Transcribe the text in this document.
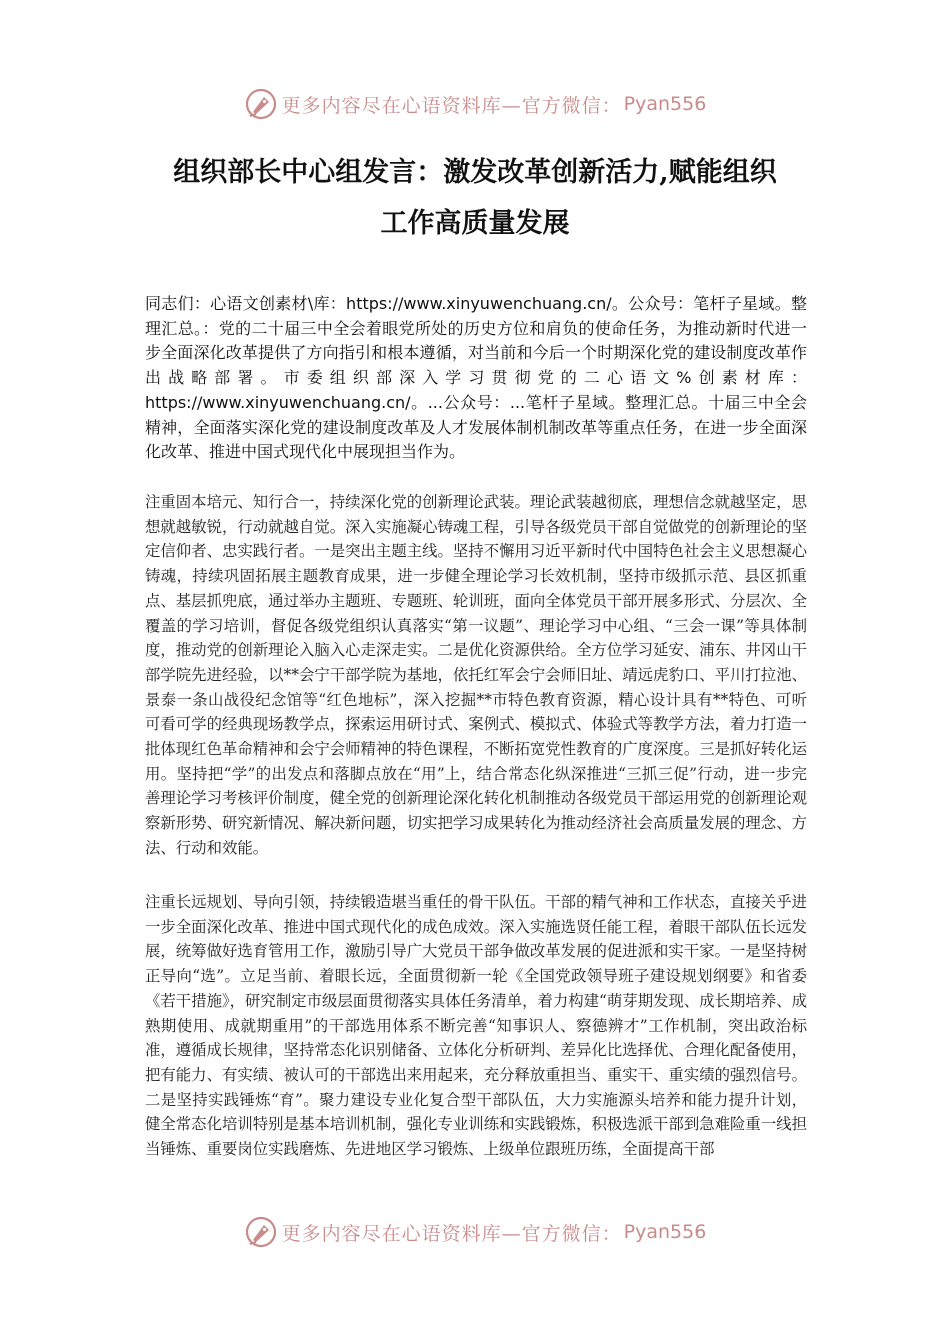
更多内容尽在心语资料库—官方微信： Pyan556
组织部长中心组发言：激发改革创新活力,赋能组织
工作高质量发展

同志们：心语文创素材\库：https://www.xinyuwenchuang.cn/。公众号：笔杆子星域。整理汇总。：党的二十届三中全会着眼党所处的历史方位和肩负的使命任务，为推动新时代进一步全面深化改革提供了方向指引和根本遵循，对当前和今后一个时期深化党的建设制度改革作出战略部署。市委组织部深入学习贯彻党的二心语文%创素材库：https://www.xinyuwenchuang.cn/。...公众号：...笔杆子星域。整理汇总。十届三中全会精神，全面落实深化党的建设制度改革及人才发展体制机制改革等重点任务，在进一步全面深化改革、推进中国式现代化中展现担当作为。

注重固本培元、知行合一，持续深化党的创新理论武装。理论武装越彻底，理想信念就越坚定，思想就越敏锐，行动就越自觉。深入实施凝心铸魂工程，引导各级党员干部自觉做党的创新理论的坚定信仰者、忠实践行者。一是突出主题主线。坚持不懈用习近平新时代中国特色社会主义思想凝心铸魂，持续巩固拓展主题教育成果，进一步健全理论学习长效机制，坚持市级抓示范、县区抓重点、基层抓兜底，通过举办主题班、专题班、轮训班，面向全体党员干部开展多形式、分层次、全覆盖的学习培训，督促各级党组织认真落实“第一议题”、理论学习中心组、“三会一课”等具体制度，推动党的创新理论入脑入心走深走实。二是优化资源供给。全方位学习延安、浦东、井冈山干部学院先进经验，以**会宁干部学院为基地，依托红军会宁会师旧址、靖远虎豹口、平川打拉池、景泰一条山战役纪念馆等“红色地标”，深入挖掘**市特色教育资源，精心设计具有**特色、可听可看可学的经典现场教学点，探索运用研讨式、案例式、模拟式、体验式等教学方法，着力打造一批体现红色革命精神和会宁会师精神的特色课程，不断拓宽党性教育的广度深度。三是抓好转化运用。坚持把“学”的出发点和落脚点放在“用”上，结合常态化纵深推进“三抓三促”行动，进一步完善理论学习考核评价制度，健全党的创新理论深化转化机制推动各级党员干部运用党的创新理论观察新形势、研究新情况、解决新问题，切实把学习成果转化为推动经济社会高质量发展的理念、方法、行动和效能。

注重长远规划、导向引领，持续锻造堪当重任的骨干队伍。干部的精气神和工作状态，直接关乎进一步全面深化改革、推进中国式现代化的成色成效。深入实施选贤任能工程，着眼干部队伍长远发展，统筹做好选育管用工作，激励引导广大党员干部争做改革发展的促进派和实干家。一是坚持树正导向“选”。立足当前、着眼长远，全面贯彻新一轮《全国党政领导班子建设规划纲要》和省委《若干措施》，研究制定市级层面贯彻落实具体任务清单，着力构建“萌芽期发现、成长期培养、成熟期使用、成就期重用”的干部选用体系不断完善“知事识人、察德辨才”工作机制，突出政治标准，遵循成长规律，坚持常态化识别储备、立体化分析研判、差异化比选择优、合理化配备使用，把有能力、有实绩、被认可的干部选出来用起来，充分释放重担当、重实干、重实绩的强烈信号。二是坚持实践锤炼“育”。聚力建设专业化复合型干部队伍，大力实施源头培养和能力提升计划，健全常态化培训特别是基本培训机制，强化专业训练和实践锻炼，积极选派干部到急难险重一线担当锤炼、重要岗位实践磨炼、先进地区学习锻炼、上级单位跟班历练，全面提高干部

更多内容尽在心语资料库—官方微信： Pyan556
